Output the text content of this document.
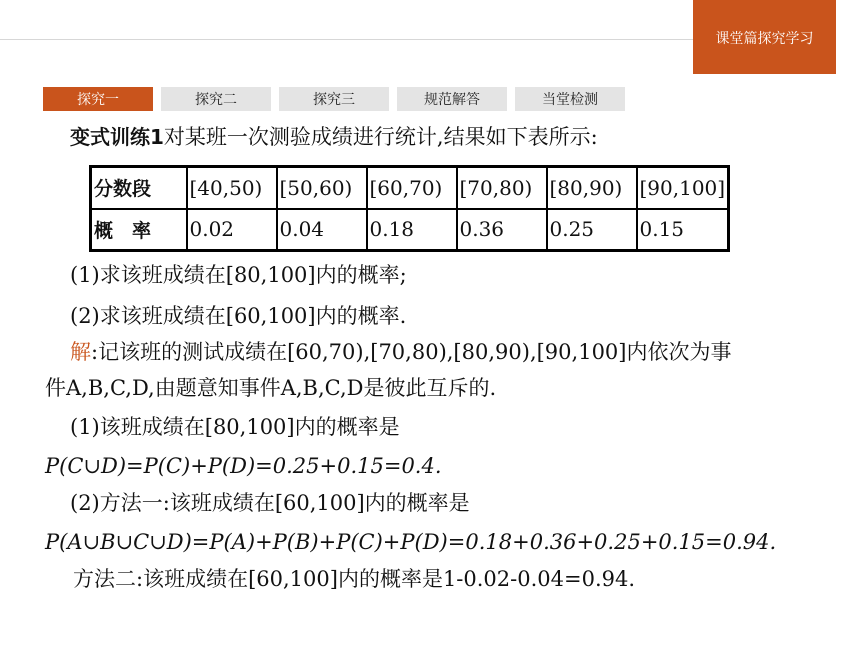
课堂篇探究学习
探究一	探究二	探究三	规范解答	当堂检测
变式训练1对某班一次测验成绩进行统计,结果如下表所示:
分数段	[40,50)	[50,60)	[60,70)	[70,80)	[80,90)	[90,100]
概　率	0.02	0.04	0.18	0.36	0.25	0.15
(1)求该班成绩在[80,100]内的概率;
(2)求该班成绩在[60,100]内的概率.
解:记该班的测试成绩在[60,70),[70,80),[80,90),[90,100]内依次为事
件A,B,C,D,由题意知事件A,B,C,D是彼此互斥的.
(1)该班成绩在[80,100]内的概率是
P(C∪D)=P(C)+P(D)=0.25+0.15=0.4.
(2)方法一:该班成绩在[60,100]内的概率是
P(A∪B∪C∪D)=P(A)+P(B)+P(C)+P(D)=0.18+0.36+0.25+0.15=0.94.
方法二:该班成绩在[60,100]内的概率是1-0.02-0.04=0.94.
